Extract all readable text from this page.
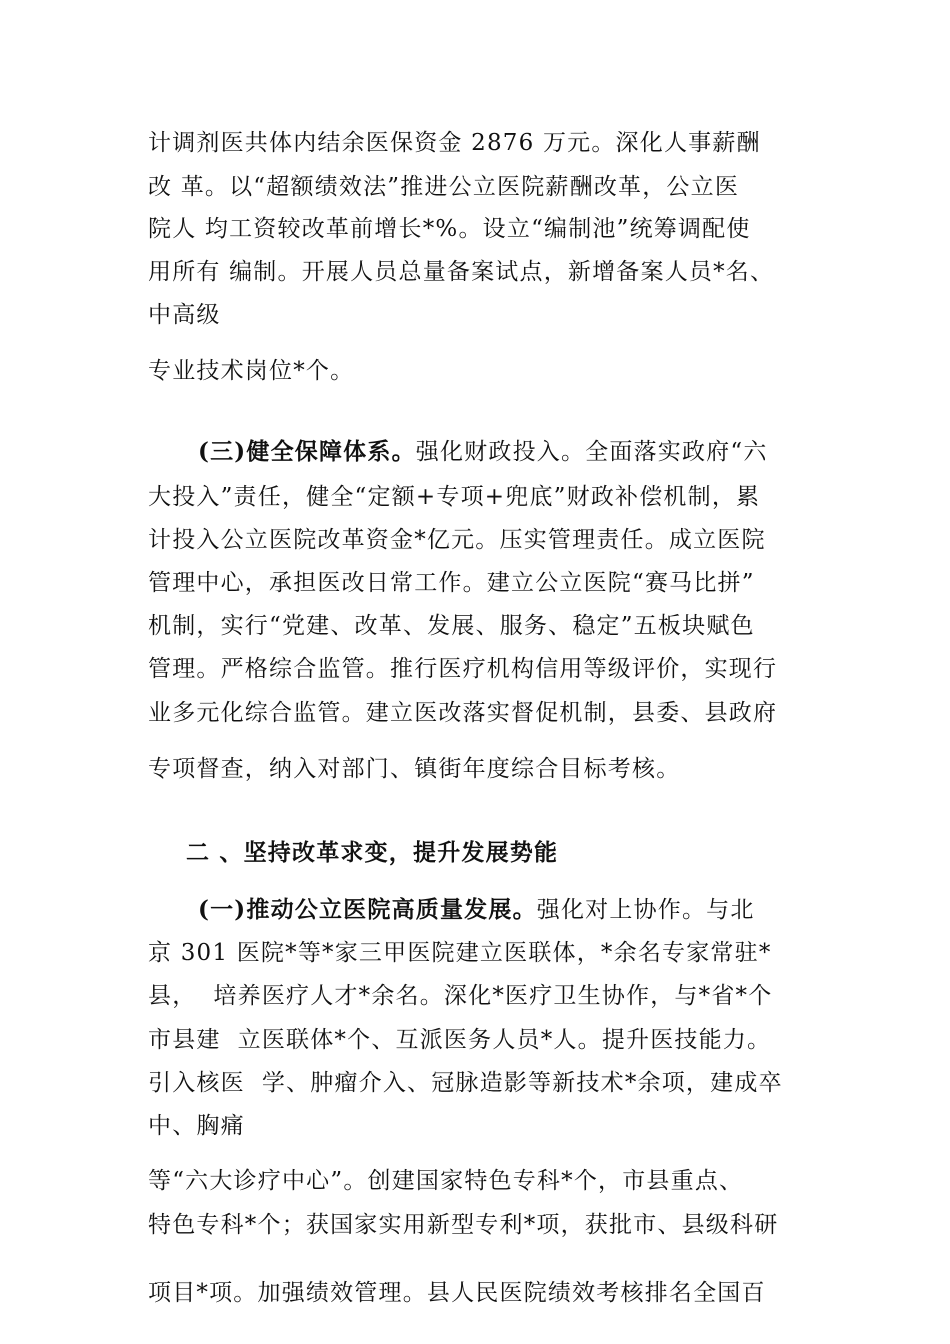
计调剂医共体内结余医保资金 2876 万元。深化人事薪酬

改 革。以“超额绩效法”推进公立医院薪酬改革，公立医

院人 均工资较改革前增长*%。设立“编制池”统筹调配使

用所有 编制。开展人员总量备案试点，新增备案人员*名、

中高级

专业技术岗位*个。

(三)健全保障体系。强化财政投入。全面落实政府“六

大投入”责任，健全“定额+专项+兜底”财政补偿机制，累

计投入公立医院改革资金*亿元。压实管理责任。成立医院

管理中心，承担医改日常工作。建立公立医院“赛马比拼”

机制，实行“党建、改革、发展、服务、稳定”五板块赋色

管理。严格综合监管。推行医疗机构信用等级评价，实现行

业多元化综合监管。建立医改落实督促机制，县委、县政府

专项督查，纳入对部门、镇街年度综合目标考核。

二 、坚持改革求变，提升发展势能

(一)推动公立医院高质量发展。强化对上协作。与北

京 301 医院*等*家三甲医院建立医联体，*余名专家常驻*

县，  培养医疗人才*余名。深化*医疗卫生协作，与*省*个

市县建  立医联体*个、互派医务人员*人。提升医技能力。

引入核医  学、肿瘤介入、冠脉造影等新技术*余项，建成卒

中、胸痛

等“六大诊疗中心”。创建国家特色专科*个，市县重点、

特色专科*个；获国家实用新型专利*项，获批市、县级科研

项目*项。加强绩效管理。县人民医院绩效考核排名全国百
